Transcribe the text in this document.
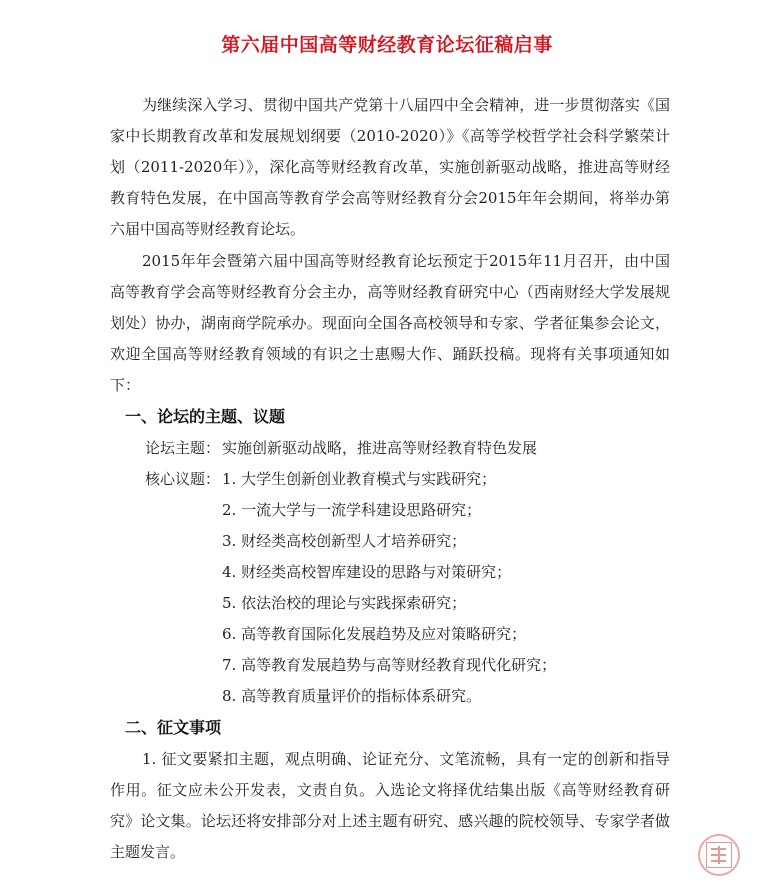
第六届中国高等财经教育论坛征稿启事

为继续深入学习、贯彻中国共产党第十八届四中全会精神，进一步贯彻落实《国家中长期教育改革和发展规划纲要（2010-2020）》《高等学校哲学社会科学繁荣计划（2011-2020年）》，深化高等财经教育改革，实施创新驱动战略，推进高等财经教育特色发展，在中国高等教育学会高等财经教育分会2015年年会期间，将举办第六届中国高等财经教育论坛。

2015年年会暨第六届中国高等财经教育论坛预定于2015年11月召开，由中国高等教育学会高等财经教育分会主办，高等财经教育研究中心（西南财经大学发展规划处）协办，湖南商学院承办。现面向全国各高校领导和专家、学者征集参会论文，欢迎全国高等财经教育领域的有识之士惠赐大作、踊跃投稿。现将有关事项通知如下：

一、论坛的主题、议题
论坛主题： 实施创新驱动战略，推进高等财经教育特色发展
核心议题： 1. 大学生创新创业教育模式与实践研究；
2. 一流大学与一流学科建设思路研究；
3. 财经类高校创新型人才培养研究；
4. 财经类高校智库建设的思路与对策研究；
5. 依法治校的理论与实践探索研究；
6. 高等教育国际化发展趋势及应对策略研究；
7. 高等教育发展趋势与高等财经教育现代化研究；
8. 高等教育质量评价的指标体系研究。
二、征文事项

1. 征文要紧扣主题，观点明确、论证充分、文笔流畅，具有一定的创新和指导作用。征文应未公开发表，文责自负。入选论文将择优结集出版《高等财经教育研究》论文集。论坛还将安排部分对上述主题有研究、感兴趣的院校领导、专家学者做主题发言。
